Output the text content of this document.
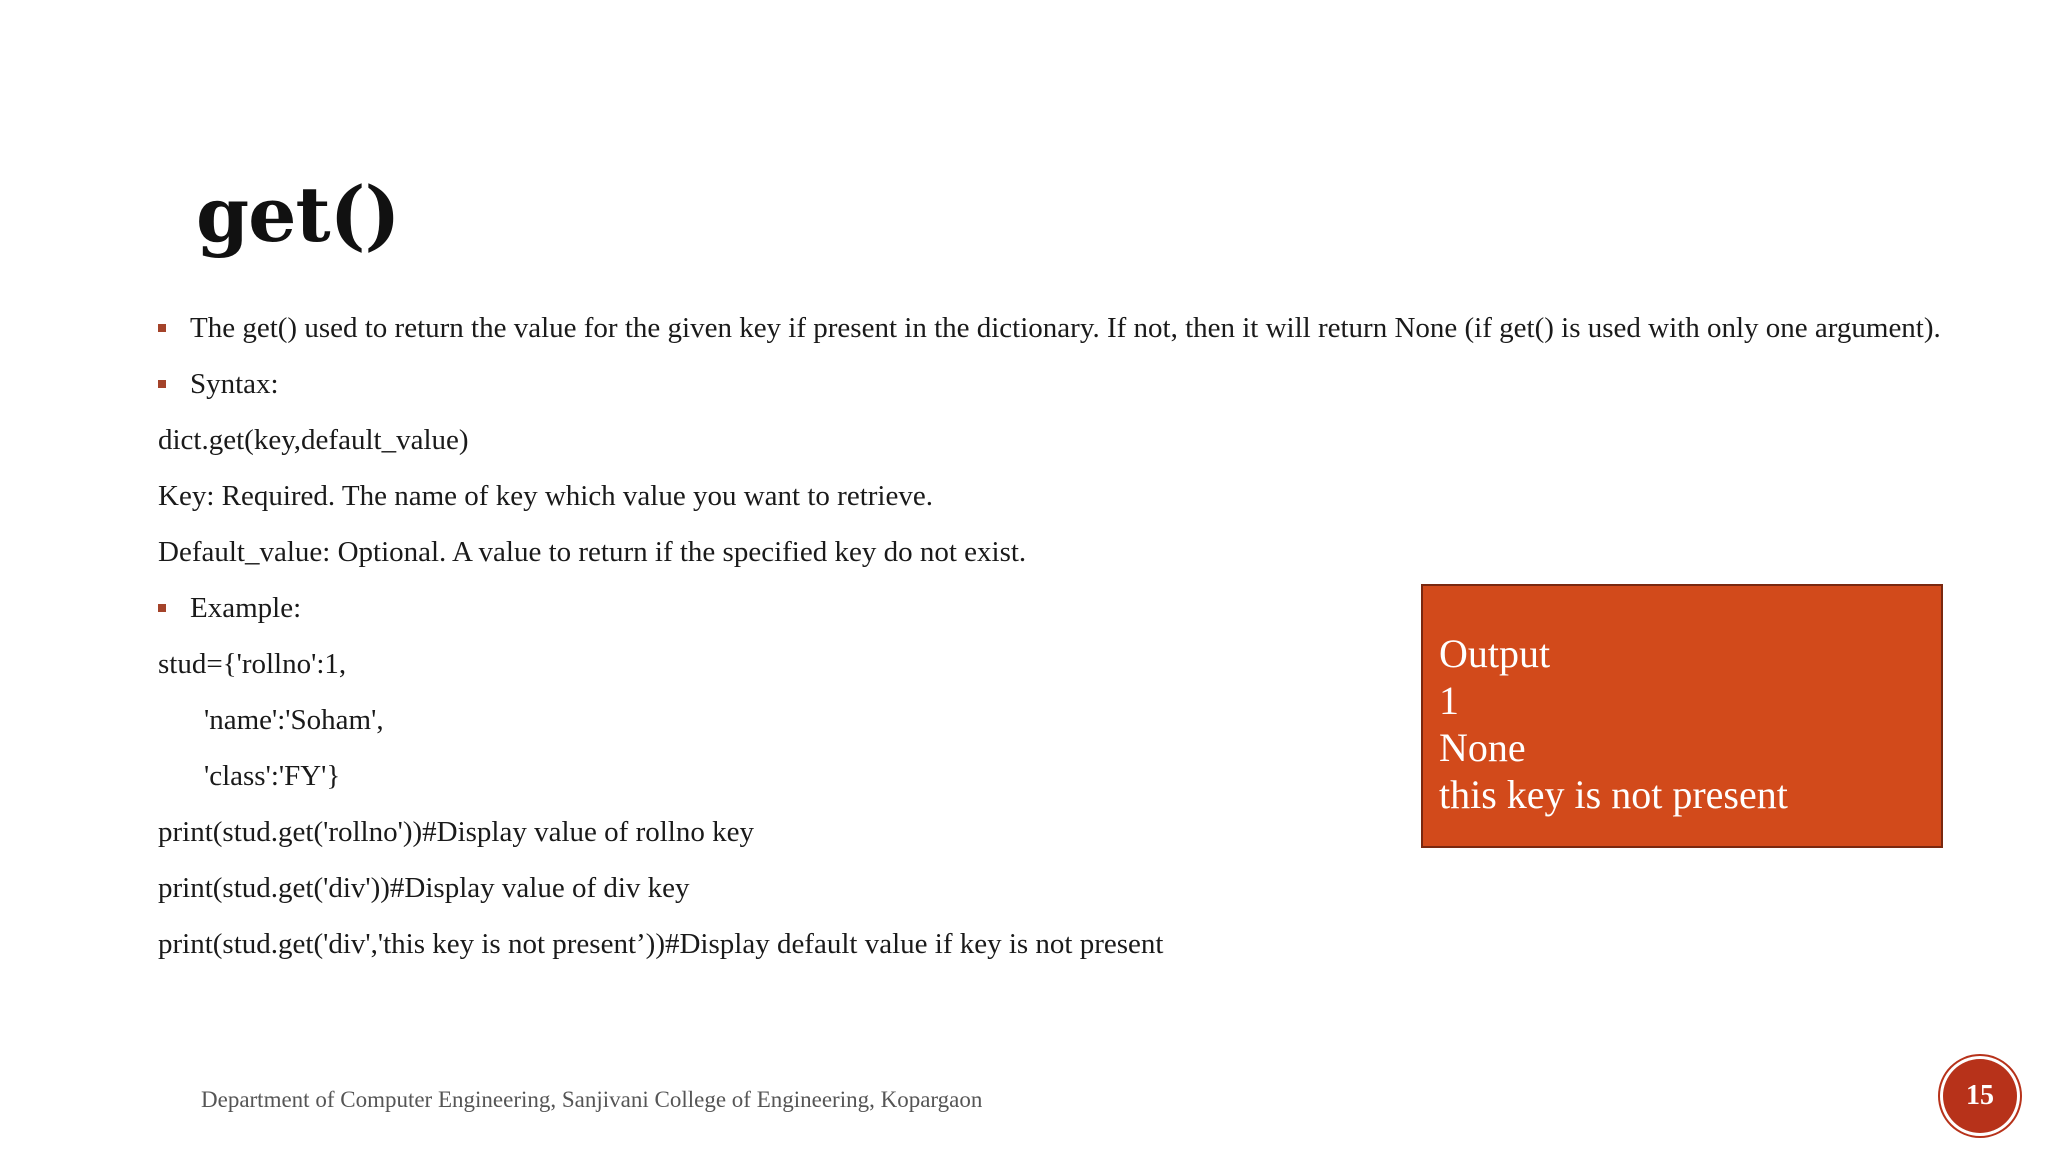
get()
The get() used to return the value for the given key if present in the dictionary. If not, then it will return None (if get() is used with only one argument).
Syntax:
dict.get(key,default_value)
Key: Required. The name of key which value you want to retrieve.
Default_value: Optional. A value to return if the specified key do not exist.
Example:
stud={'rollno':1,
'name':'Soham',
'class':'FY'}
print(stud.get('rollno'))#Display value of rollno key
print(stud.get('div'))#Display value of div key
print(stud.get('div','this key is not present’))#Display default value if key is not present
Output
1
None
this key is not present
Department of Computer Engineering, Sanjivani College of Engineering, Kopargaon	15
